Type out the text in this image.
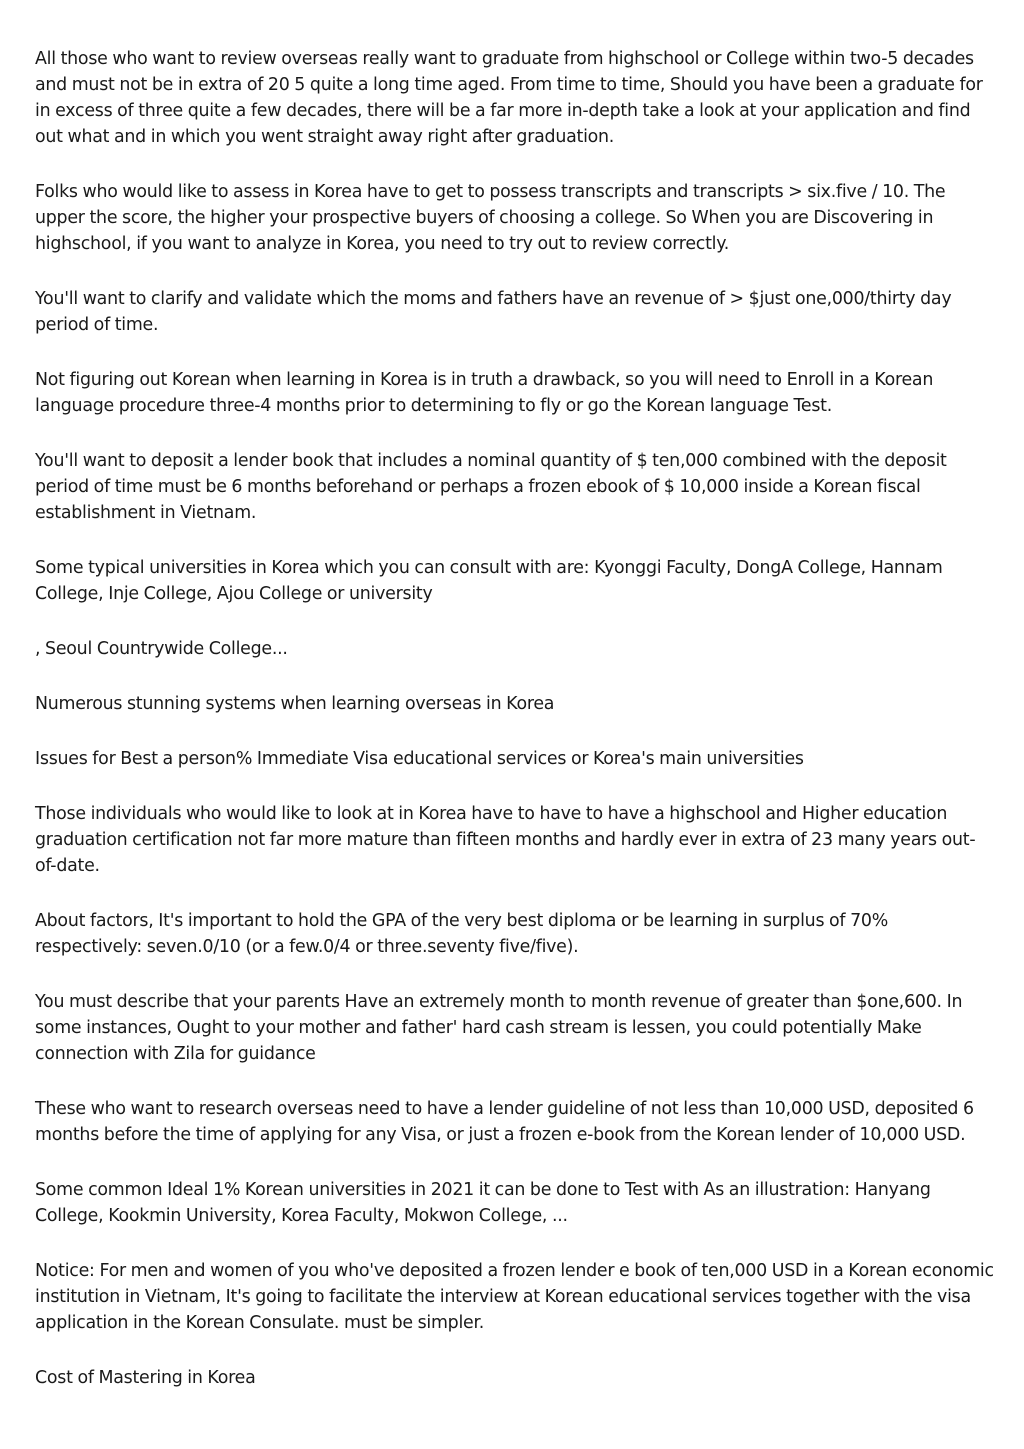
All those who want to review overseas really want to graduate from highschool or College within two-5 decades and must not be in extra of 20 5 quite a long time aged. From time to time, Should you have been a graduate for in excess of three quite a few decades, there will be a far more in-depth take a look at your application and find out what and in which you went straight away right after graduation.

Folks who would like to assess in Korea have to get to possess transcripts and transcripts > six.five / 10. The upper the score, the higher your prospective buyers of choosing a college. So When you are Discovering in highschool, if you want to analyze in Korea, you need to try out to review correctly.

You'll want to clarify and validate which the moms and fathers have an revenue of > $just one,000/thirty day period of time.

Not figuring out Korean when learning in Korea is in truth a drawback, so you will need to Enroll in a Korean language procedure three-4 months prior to determining to fly or go the Korean language Test.

You'll want to deposit a lender book that includes a nominal quantity of $ ten,000 combined with the deposit period of time must be 6 months beforehand or perhaps a frozen ebook of $ 10,000 inside a Korean fiscal establishment in Vietnam.

Some typical universities in Korea which you can consult with are: Kyonggi Faculty, DongA College, Hannam College, Inje College, Ajou College or university

, Seoul Countrywide College...

Numerous stunning systems when learning overseas in Korea

Issues for Best a person% Immediate Visa educational services or Korea's main universities

Those individuals who would like to look at in Korea have to have to have a highschool and Higher education graduation certification not far more mature than fifteen months and hardly ever in extra of 23 many years out-of-date.

About factors, It's important to hold the GPA of the very best diploma or be learning in surplus of 70% respectively: seven.0/10 (or a few.0/4 or three.seventy five/five).

You must describe that your parents Have an extremely month to month revenue of greater than $one,600. In some instances, Ought to your mother and father' hard cash stream is lessen, you could potentially Make connection with Zila for guidance

These who want to research overseas need to have a lender guideline of not less than 10,000 USD, deposited 6 months before the time of applying for any Visa, or just a frozen e-book from the Korean lender of 10,000 USD.

Some common Ideal 1% Korean universities in 2021 it can be done to Test with As an illustration: Hanyang College, Kookmin University, Korea Faculty, Mokwon College, ...

Notice: For men and women of you who've deposited a frozen lender e book of ten,000 USD in a Korean economic institution in Vietnam, It's going to facilitate the interview at Korean educational services together with the visa application in the Korean Consulate. must be simpler.

Cost of Mastering in Korea
